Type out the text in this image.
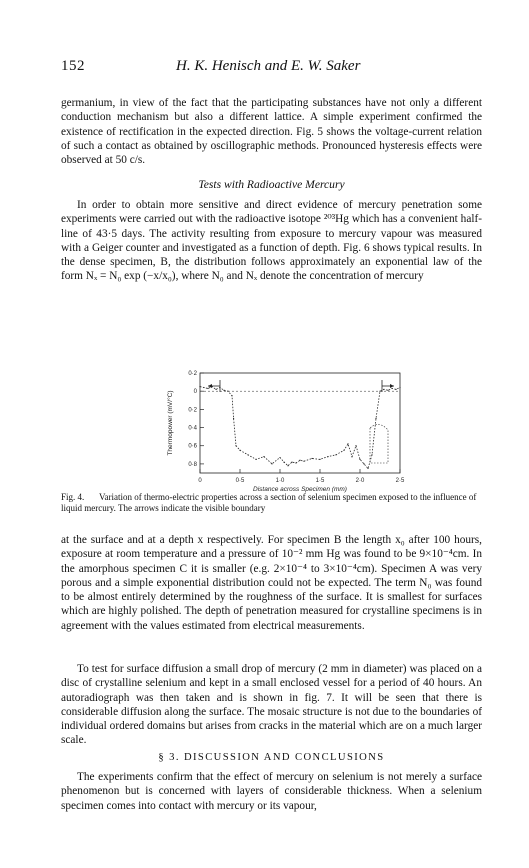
152	H. K. Henisch and E. W. Saker

germanium, in view of the fact that the participating substances have not only a different conduction mechanism but also a different lattice. A simple experiment confirmed the existence of rectification in the expected direction. Fig. 5 shows the voltage-current relation of such a contact as obtained by oscillographic methods. Pronounced hysteresis effects were observed at 50 c/s.

Tests with Radioactive Mercury

In order to obtain more sensitive and direct evidence of mercury penetration some experiments were carried out with the radioactive isotope ²⁰³Hg which has a convenient half-line of 43·5 days. The activity resulting from exposure to mercury vapour was measured with a Geiger counter and investigated as a function of depth. Fig. 6 shows typical results. In the dense specimen, B, the distribution follows approximately an exponential law of the form Nₓ = N₀ exp (−x/x₀), where N₀ and Nₓ denote the concentration of mercury

0·2
0
0·2
0·4
0·6
0·8
0	0·5	1·0	1·5	2·0	2·5
Thermopower (mV/°C)
Distance across Specimen (mm)
Fig. 4. Variation of thermo-electric properties across a section of selenium specimen exposed to the influence of liquid mercury. The arrows indicate the visible boundary

at the surface and at a depth x respectively. For specimen B the length x₀ after 100 hours, exposure at room temperature and a pressure of 10⁻² mm Hg was found to be 9×10⁻⁴cm. In the amorphous specimen C it is smaller (e.g. 2×10⁻⁴ to 3×10⁻⁴cm). Specimen A was very porous and a simple exponential distribution could not be expected. The term N₀ was found to be almost entirely determined by the roughness of the surface. It is smallest for surfaces which are highly polished. The depth of penetration measured for crystalline specimens is in agreement with the values estimated from electrical measurements.

To test for surface diffusion a small drop of mercury (2 mm in diameter) was placed on a disc of crystalline selenium and kept in a small enclosed vessel for a period of 40 hours. An autoradiograph was then taken and is shown in fig. 7. It will be seen that there is considerable diffusion along the surface. The mosaic structure is not due to the boundaries of individual ordered domains but arises from cracks in the material which are on a much larger scale.

§ 3. DISCUSSION AND CONCLUSIONS

The experiments confirm that the effect of mercury on selenium is not merely a surface phenomenon but is concerned with layers of considerable thickness. When a selenium specimen comes into contact with mercury or its vapour,
